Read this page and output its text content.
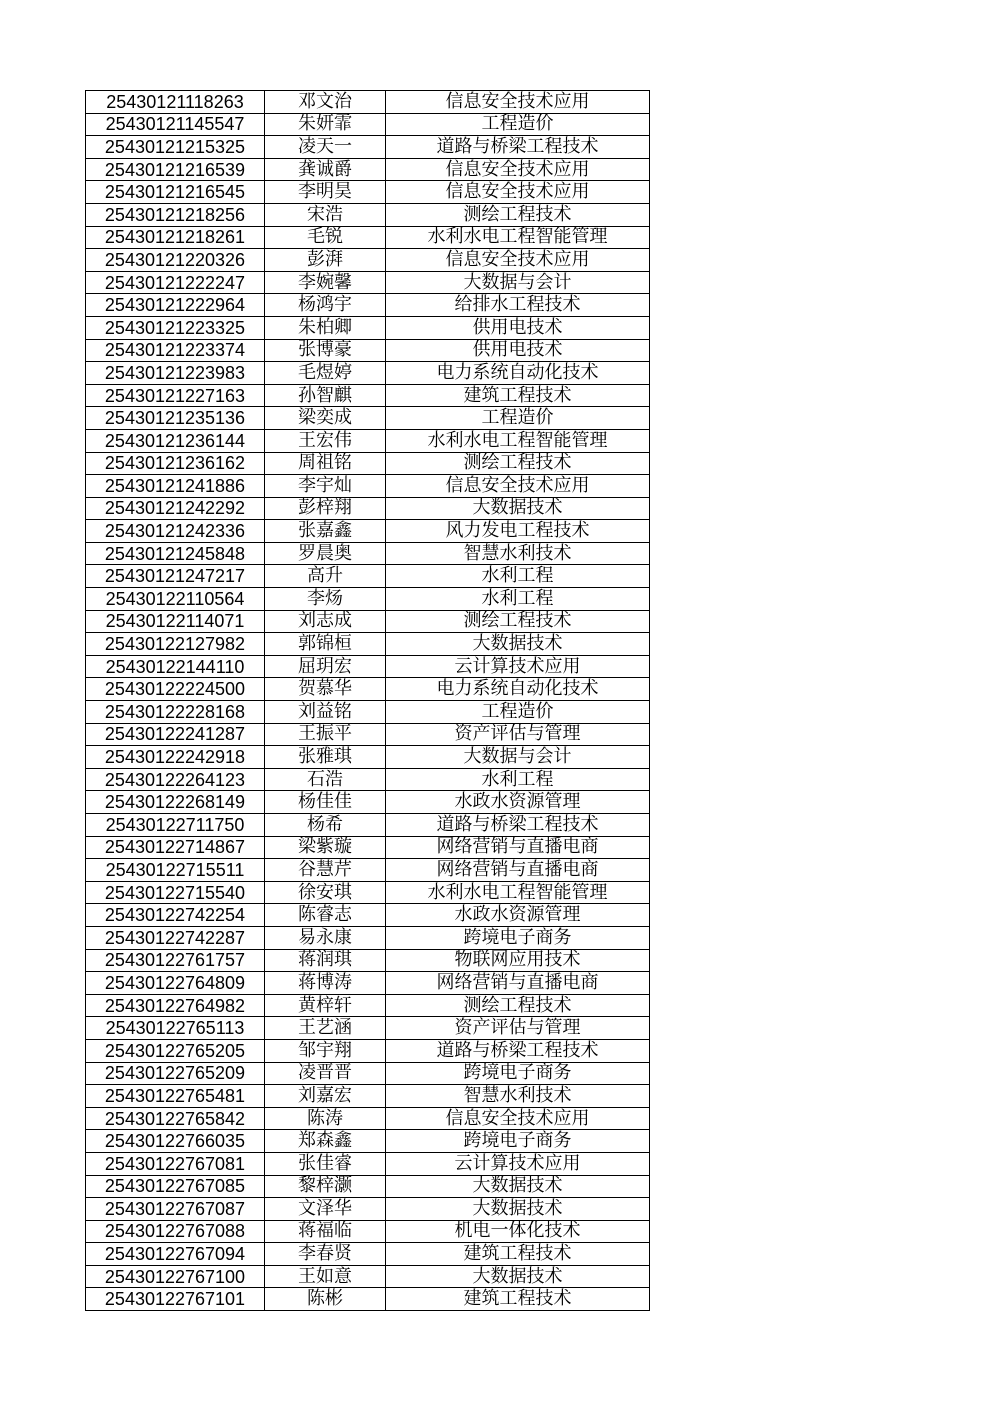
25430121118263	邓文治	信息安全技术应用
25430121145547	朱妍霏	工程造价
25430121215325	凌天一	道路与桥梁工程技术
25430121216539	龚诚爵	信息安全技术应用
25430121216545	李明昊	信息安全技术应用
25430121218256	宋浩	测绘工程技术
25430121218261	毛锐	水利水电工程智能管理
25430121220326	彭湃	信息安全技术应用
25430121222247	李婉馨	大数据与会计
25430121222964	杨鸿宇	给排水工程技术
25430121223325	朱柏卿	供用电技术
25430121223374	张博豪	供用电技术
25430121223983	毛煜婷	电力系统自动化技术
25430121227163	孙智麒	建筑工程技术
25430121235136	梁奕成	工程造价
25430121236144	王宏伟	水利水电工程智能管理
25430121236162	周祖铭	测绘工程技术
25430121241886	李宇灿	信息安全技术应用
25430121242292	彭梓翔	大数据技术
25430121242336	张嘉鑫	风力发电工程技术
25430121245848	罗晨奥	智慧水利技术
25430121247217	高升	水利工程
25430122110564	李炀	水利工程
25430122114071	刘志成	测绘工程技术
25430122127982	郭锦桓	大数据技术
25430122144110	屈玥宏	云计算技术应用
25430122224500	贺慕华	电力系统自动化技术
25430122228168	刘益铭	工程造价
25430122241287	王振平	资产评估与管理
25430122242918	张雅琪	大数据与会计
25430122264123	石浩	水利工程
25430122268149	杨佳佳	水政水资源管理
25430122711750	杨希	道路与桥梁工程技术
25430122714867	梁紫璇	网络营销与直播电商
25430122715511	谷慧芹	网络营销与直播电商
25430122715540	徐安琪	水利水电工程智能管理
25430122742254	陈睿志	水政水资源管理
25430122742287	易永康	跨境电子商务
25430122761757	蒋润琪	物联网应用技术
25430122764809	蒋博涛	网络营销与直播电商
25430122764982	黄梓轩	测绘工程技术
25430122765113	王艺涵	资产评估与管理
25430122765205	邹宇翔	道路与桥梁工程技术
25430122765209	凌晋晋	跨境电子商务
25430122765481	刘嘉宏	智慧水利技术
25430122765842	陈涛	信息安全技术应用
25430122766035	郑森鑫	跨境电子商务
25430122767081	张佳睿	云计算技术应用
25430122767085	黎梓灏	大数据技术
25430122767087	文泽华	大数据技术
25430122767088	蒋福临	机电一体化技术
25430122767094	李春贤	建筑工程技术
25430122767100	王如意	大数据技术
25430122767101	陈彬	建筑工程技术
